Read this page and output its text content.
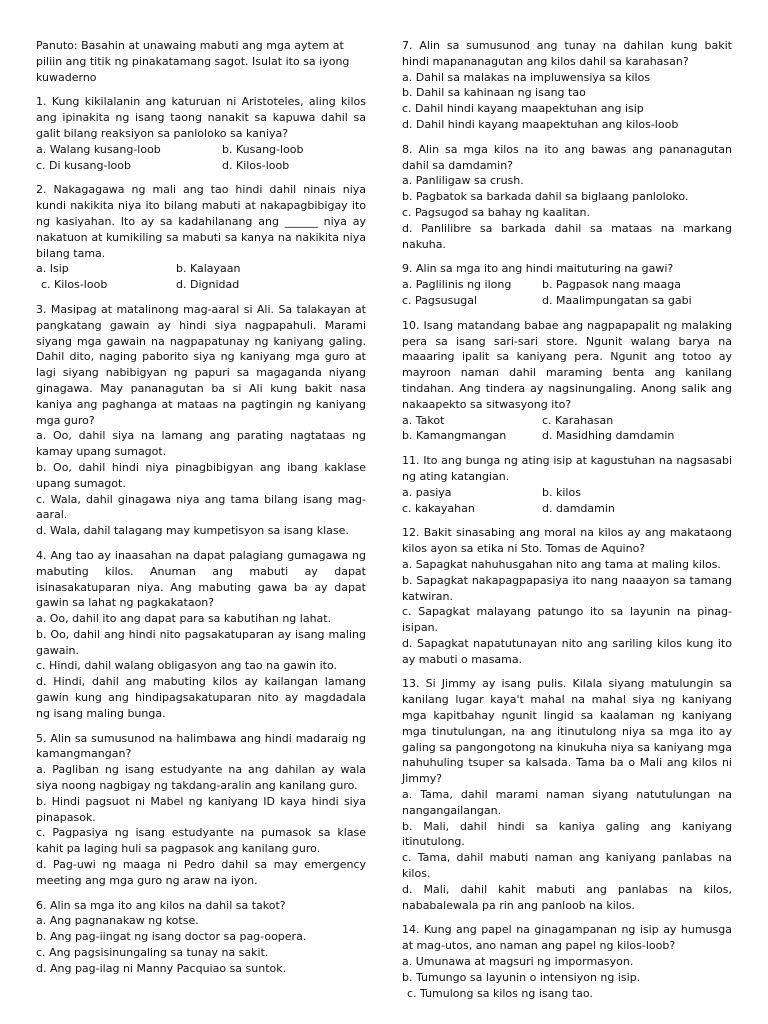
Panuto: Basahin at unawaing mabuti ang mga aytem at piliin ang titik ng pinakatamang sagot. Isulat ito sa iyong kuwaderno

1. Kung kikilalanin ang katuruan ni Aristoteles, aling kilos ang ipinakita ng isang taong nanakit sa kapuwa dahil sa galit bilang reaksiyon sa panloloko sa kaniya?

a. Walang kusang-loob	b. Kusang-loob
c. Di kusang-loob	d. Kilos-loob

2. Nakagagawa ng mali ang tao hindi dahil ninais niya kundi nakikita niya ito bilang mabuti at nakapagbibigay ito ng kasiyahan. Ito ay sa kadahilanang ang ______ niya ay nakatuon at kumikiling sa mabuti sa kanya na nakikita niya bilang tama.

a. Isip	b. Kalayaan
c. Kilos-loob	d. Dignidad

3. Masipag at matalinong mag-aaral si Ali. Sa talakayan at pangkatang gawain ay hindi siya nagpapahuli. Marami siyang mga gawain na nagpapatunay ng kaniyang galing. Dahil dito, naging paborito siya ng kaniyang mga guro at lagi siyang nabibigyan ng papuri sa magaganda niyang ginagawa. May pananagutan ba si Ali kung bakit nasa kaniya ang paghanga at mataas na pagtingin ng kaniyang mga guro?

a. Oo, dahil siya na lamang ang parating nagtataas ng kamay upang sumagot.

b. Oo, dahil hindi niya pinagbibigyan ang ibang kaklase upang sumagot.

c. Wala, dahil ginagawa niya ang tama bilang isang mag-aaral.

d. Wala, dahil talagang may kumpetisyon sa isang klase.

4. Ang tao ay inaasahan na dapat palagiang gumagawa ng mabuting kilos. Anuman ang mabuti ay dapat isinasakatuparan niya. Ang mabuting gawa ba ay dapat gawin sa lahat ng pagkakataon?

a. Oo, dahil ito ang dapat para sa kabutihan ng lahat.

b. Oo, dahil ang hindi nito pagsakatuparan ay isang maling gawain.

c. Hindi, dahil walang obligasyon ang tao na gawin ito.

d. Hindi, dahil ang mabuting kilos ay kailangan lamang gawin kung ang hindipagsakatuparan nito ay magdadala ng isang maling bunga.

5. Alin sa sumusunod na halimbawa ang hindi madaraig ng kamangmangan?

a. Pagliban ng isang estudyante na ang dahilan ay wala siya noong nagbigay ng takdang-aralin ang kanilang guro.

b. Hindi pagsuot ni Mabel ng kaniyang ID kaya hindi siya pinapasok.

c. Pagpasiya ng isang estudyante na pumasok sa klase kahit pa laging huli sa pagpasok ang kanilang guro.

d. Pag-uwi ng maaga ni Pedro dahil sa may emergency meeting ang mga guro ng araw na iyon.

6. Alin sa mga ito ang kilos na dahil sa takot?

a. Ang pagnanakaw ng kotse.

b. Ang pag-iingat ng isang doctor sa pag-oopera.

c. Ang pagsisinungaling sa tunay na sakit.

d. Ang pag-ilag ni Manny Pacquiao sa suntok.

7. Alin sa sumusunod ang tunay na dahilan kung bakit hindi mapananagutan ang kilos dahil sa karahasan?

a. Dahil sa malakas na impluwensiya sa kilos

b. Dahil sa kahinaan ng isang tao

c. Dahil hindi kayang maapektuhan ang isip

d. Dahil hindi kayang maapektuhan ang kilos-loob

8. Alin sa mga kilos na ito ang bawas ang pananagutan dahil sa damdamin?

a. Panliligaw sa crush.

b. Pagbatok sa barkada dahil sa biglaang panloloko.

c. Pagsugod sa bahay ng kaalitan.

d. Panlilibre sa barkada dahil sa mataas na markang nakuha.

9. Alin sa mga ito ang hindi maituturing na gawi?

a. Paglilinis ng ilong	b. Pagpasok nang maaga
c. Pagsusugal	d. Maalimpungatan sa gabi

10. Isang matandang babae ang nagpapapalit ng malaking pera sa isang sari-sari store. Ngunit walang barya na maaaring ipalit sa kaniyang pera. Ngunit ang totoo ay mayroon naman dahil maraming benta ang kanilang tindahan. Ang tindera ay nagsinungaling. Anong salik ang nakaapekto sa sitwasyong ito?

a. Takot	c. Karahasan
b. Kamangmangan	d. Masidhing damdamin

11. Ito ang bunga ng ating isip at kagustuhan na nagsasabi ng ating katangian.

a. pasiya	b. kilos
c. kakayahan	d. damdamin

12. Bakit sinasabing ang moral na kilos ay ang makataong kilos ayon sa etika ni Sto. Tomas de Aquino?

a. Sapagkat nahuhusgahan nito ang tama at maling kilos.

b. Sapagkat nakapagpapasiya ito nang naaayon sa tamang katwiran.

c. Sapagkat malayang patungo ito sa layunin na pinag-isipan.

d. Sapagkat napatutunayan nito ang sariling kilos kung ito ay mabuti o masama.

13. Si Jimmy ay isang pulis. Kilala siyang matulungin sa kanilang lugar kaya't mahal na mahal siya ng kaniyang mga kapitbahay ngunit lingid sa kaalaman ng kaniyang mga tinutulungan, na ang itinutulong niya sa mga ito ay galing sa pangongotong na kinukuha niya sa kaniyang mga nahuhuling tsuper sa kalsada. Tama ba o Mali ang kilos ni Jimmy?

a. Tama, dahil marami naman siyang natutulungan na nangangailangan.

b. Mali, dahil hindi sa kaniya galing ang kaniyang itinutulong.

c. Tama, dahil mabuti naman ang kaniyang panlabas na kilos.

d. Mali, dahil kahit mabuti ang panlabas na kilos, nababalewala pa rin ang panloob na kilos.

14. Kung ang papel na ginagampanan ng isip ay humusga at mag-utos, ano naman ang papel ng kilos-loob?

a. Umunawa at magsuri ng impormasyon.

b. Tumungo sa layunin o intensiyon ng isip.

c. Tumulong sa kilos ng isang tao.
